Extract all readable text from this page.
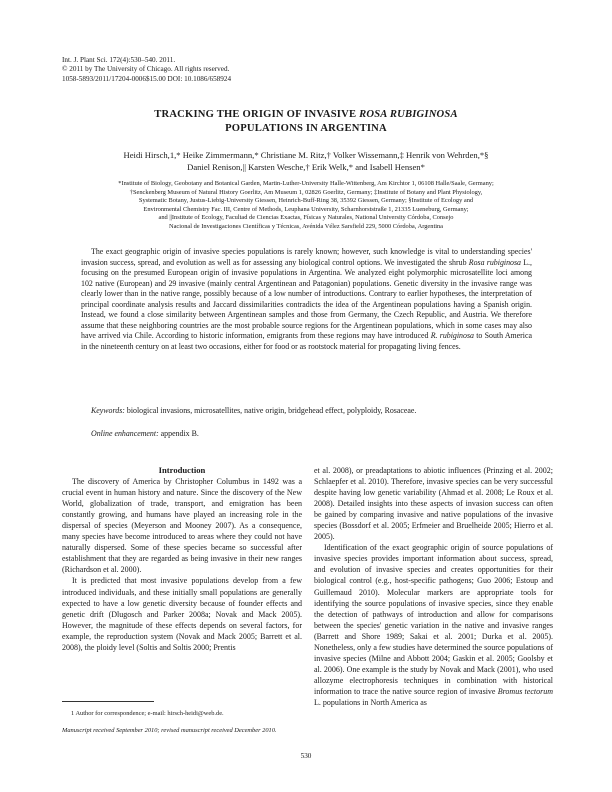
Int. J. Plant Sci. 172(4):530–540. 2011.
© 2011 by The University of Chicago. All rights reserved.
1058-5893/2011/17204-0006$15.00 DOI: 10.1086/658924
TRACKING THE ORIGIN OF INVASIVE ROSA RUBIGINOSA
POPULATIONS IN ARGENTINA
Heidi Hirsch,1,* Heike Zimmermann,* Christiane M. Ritz,† Volker Wissemann,‡ Henrik von Wehrden,*§
Daniel Renison,|| Karsten Wesche,† Erik Welk,* and Isabell Hensen*
*Institute of Biology, Geobotany and Botanical Garden, Martin-Luther-University Halle-Wittenberg, Am Kirchtor 1, 06108 Halle/Saale, Germany;
†Senckenberg Museum of Natural History Goerlitz, Am Museum 1, 02826 Goerlitz, Germany; ‡Institute of Botany and Plant Physiology,
Systematic Botany, Justus-Liebig-University Giessen, Heinrich-Buff-Ring 38, 35392 Giessen, Germany; §Institute of Ecology and
Environmental Chemistry Fac. III, Centre of Methods, Leuphana University, Scharnhorststraße 1, 21335 Lueneburg, Germany;
and ||Institute of Ecology, Facultad de Ciencias Exactas, Físicas y Naturales, National University Córdoba, Consejo
Nacional de Investigaciones Científicas y Técnicas, Avénida Vélez Sarsfield 229, 5000 Córdoba, Argentina

The exact geographic origin of invasive species populations is rarely known; however, such knowledge is vital to understanding species' invasion success, spread, and evolution as well as for assessing any biological control options. We investigated the shrub Rosa rubiginosa L., focusing on the presumed European origin of invasive populations in Argentina. We analyzed eight polymorphic microsatellite loci among 102 native (European) and 29 invasive (mainly central Argentinean and Patagonian) populations. Genetic diversity in the invasive range was clearly lower than in the native range, possibly because of a low number of introductions. Contrary to earlier hypotheses, the interpretation of principal coordinate analysis results and Jaccard dissimilarities contradicts the idea of the Argentinean populations having a Spanish origin. Instead, we found a close similarity between Argentinean samples and those from Germany, the Czech Republic, and Austria. We therefore assume that these neighboring countries are the most probable source regions for the Argentinean populations, which in some cases may also have arrived via Chile. According to historic information, emigrants from these regions may have introduced R. rubiginosa to South America in the nineteenth century on at least two occasions, either for food or as rootstock material for propagating living fences.

Keywords: biological invasions, microsatellites, native origin, bridgehead effect, polyploidy, Rosaceae.
Online enhancement: appendix B.

Introduction

The discovery of America by Christopher Columbus in 1492 was a crucial event in human history and nature. Since the discovery of the New World, globalization of trade, transport, and emigration has been constantly growing, and humans have played an increasing role in the dispersal of species (Meyerson and Mooney 2007). As a consequence, many species have become introduced to areas where they could not have naturally dispersed. Some of these species became so successful after establishment that they are regarded as being invasive in their new ranges (Richardson et al. 2000).

It is predicted that most invasive populations develop from a few introduced individuals, and these initially small populations are generally expected to have a low genetic diversity because of founder effects and genetic drift (Dlugosch and Parker 2008a; Novak and Mack 2005). However, the magnitude of these effects depends on several factors, for example, the reproduction system (Novak and Mack 2005; Barrett et al. 2008), the ploidy level (Soltis and Soltis 2000; Prentis

et al. 2008), or preadaptations to abiotic influences (Prinzing et al. 2002; Schlaepfer et al. 2010). Therefore, invasive species can be very successful despite having low genetic variability (Ahmad et al. 2008; Le Roux et al. 2008). Detailed insights into these aspects of invasion success can often be gained by comparing invasive and native populations of the invasive species (Bossdorf et al. 2005; Erfmeier and Bruelheide 2005; Hierro et al. 2005).

Identification of the exact geographic origin of source populations of invasive species provides important information about success, spread, and evolution of invasive species and creates opportunities for their biological control (e.g., host-specific pathogens; Guo 2006; Estoup and Guillemaud 2010). Molecular markers are appropriate tools for identifying the source populations of invasive species, since they enable the detection of pathways of introduction and allow for comparisons between the species' genetic variation in the native and invasive ranges (Barrett and Shore 1989; Sakai et al. 2001; Durka et al. 2005). Nonetheless, only a few studies have determined the source populations of invasive species (Milne and Abbott 2004; Gaskin et al. 2005; Goolsby et al. 2006). One example is the study by Novak and Mack (2001), who used allozyme electrophoresis techniques in combination with historical information to trace the native source region of invasive Bromus tectorum L. populations in North America as

1 Author for correspondence; e-mail: hirsch-heidi@web.de.
Manuscript received September 2010; revised manuscript received December 2010.
530
